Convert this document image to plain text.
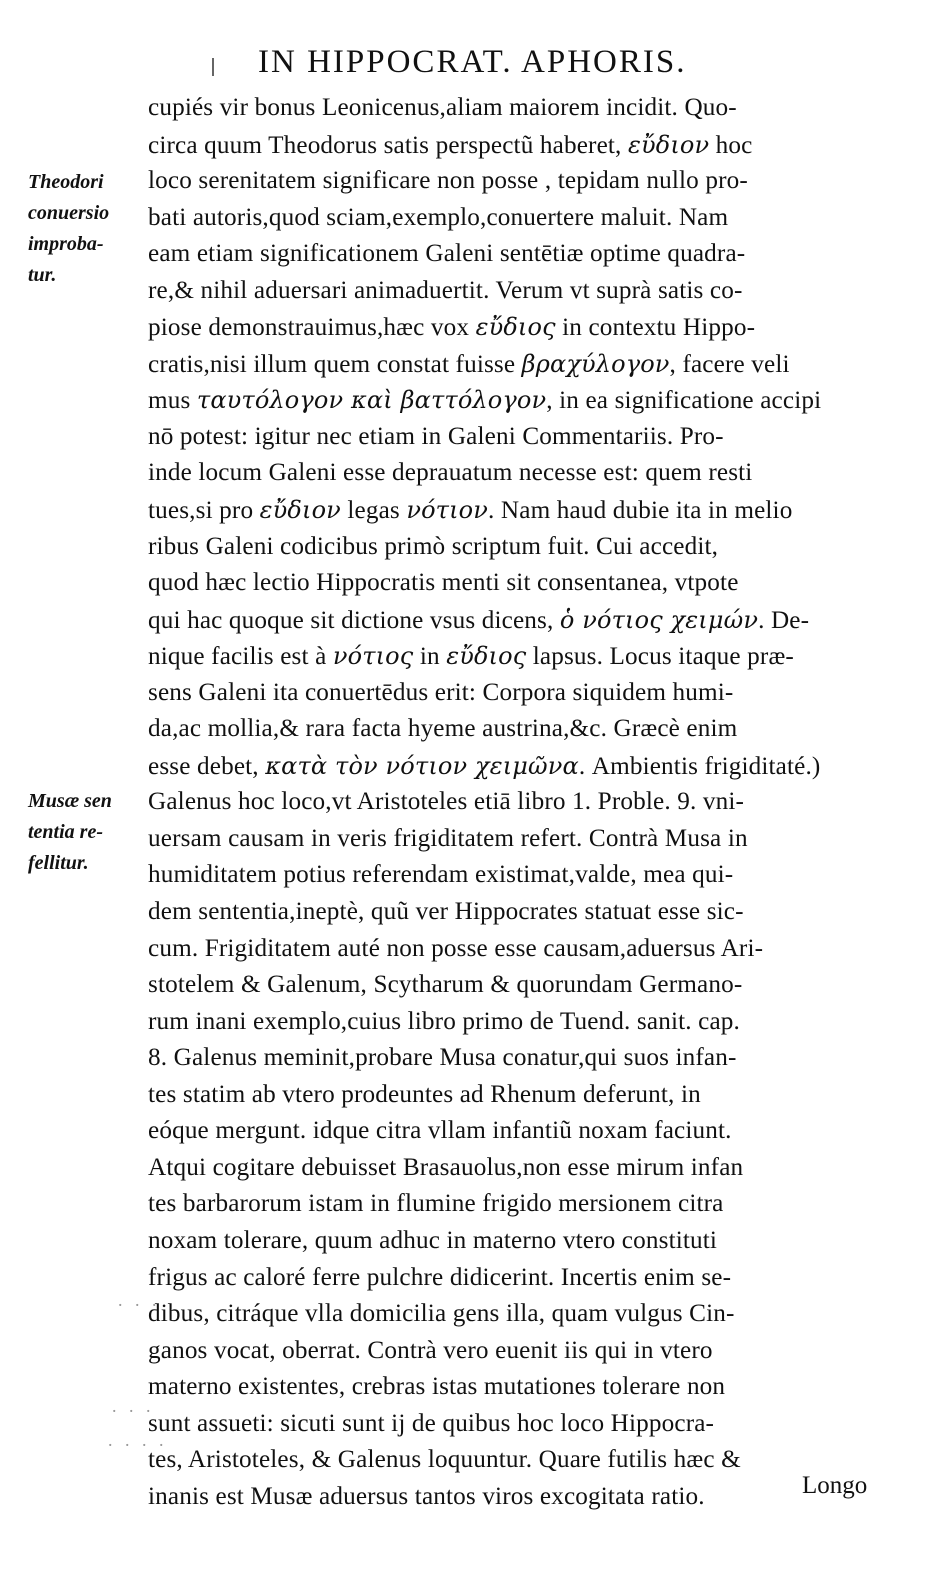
IN HIPPOCRAT. APHORIS.
cupiés vir bonus Leonicenus,aliam maiorem incidit. Quo-
circa quum Theodorus satis perspectũ haberet, εὔδιον hoc
loco serenitatem significare non posse , tepidam nullo pro-
bati autoris,quod sciam,exemplo,conuertere maluit. Nam
eam etiam significationem Galeni sentētiæ optime quadra-
re,& nihil aduersari animaduertit. Verum vt suprà satis co-
piose demonstrauimus,hæc vox εὔδιος in contextu Hippo-
cratis,nisi illum quem constat fuisse βραχύλογον, facere veli
mus ταυτόλογον καὶ βαττόλογον, in ea significatione accipi
nō potest: igitur nec etiam in Galeni Commentariis. Pro-
inde locum Galeni esse deprauatum necesse est: quem resti
tues,si pro εὔδιον legas νότιον. Nam haud dubie ita in melio
ribus Galeni codicibus primò scriptum fuit. Cui accedit,
quod hæc lectio Hippocratis menti sit consentanea, vtpote
qui hac quoque sit dictione vsus dicens, ὁ νότιος χειμών. De-
nique facilis est à νότιος in εὔδιος lapsus. Locus itaque præ-
sens Galeni ita conuertēdus erit: Corpora siquidem humi-
da,ac mollia,& rara facta hyeme austrina,&c. Græcè enim
esse debet, κατὰ τὸν νότιον χειμῶνα. Ambientis frigiditaté.)
Galenus hoc loco,vt Aristoteles etiā libro 1. Proble. 9. vni-
uersam causam in veris frigiditatem refert. Contrà Musa in
humiditatem potius referendam existimat,valde, mea qui-
dem sententia,ineptè, quũ ver Hippocrates statuat esse sic-
cum. Frigiditatem auté non posse esse causam,aduersus Ari-
stotelem & Galenum, Scytharum & quorundam Germano-
rum inani exemplo,cuius libro primo de Tuend. sanit. cap.
8. Galenus meminit,probare Musa conatur,qui suos infan-
tes statim ab vtero prodeuntes ad Rhenum deferunt, in
eóque mergunt. idque citra vllam infantiũ noxam faciunt.
Atqui cogitare debuisset Brasauolus,non esse mirum infan
tes barbarorum istam in flumine frigido mersionem citra
noxam tolerare, quum adhuc in materno vtero constituti
frigus ac caloré ferre pulchre didicerint. Incertis enim se-
dibus, citráque vlla domicilia gens illa, quam vulgus Cin-
ganos vocat, oberrat. Contrà vero euenit iis qui in vtero
materno existentes, crebras istas mutationes tolerare non
sunt assueti: sicuti sunt ij de quibus hoc loco Hippocra-
tes, Aristoteles, & Galenus loquuntur. Quare futilis hæc &
inanis est Musæ aduersus tantos viros excogitata ratio.
Theodori
conuersio
improba-
tur.
Musæ sen
tentia re-
fellitur.
. . .
. . .
. . . .
Longo
